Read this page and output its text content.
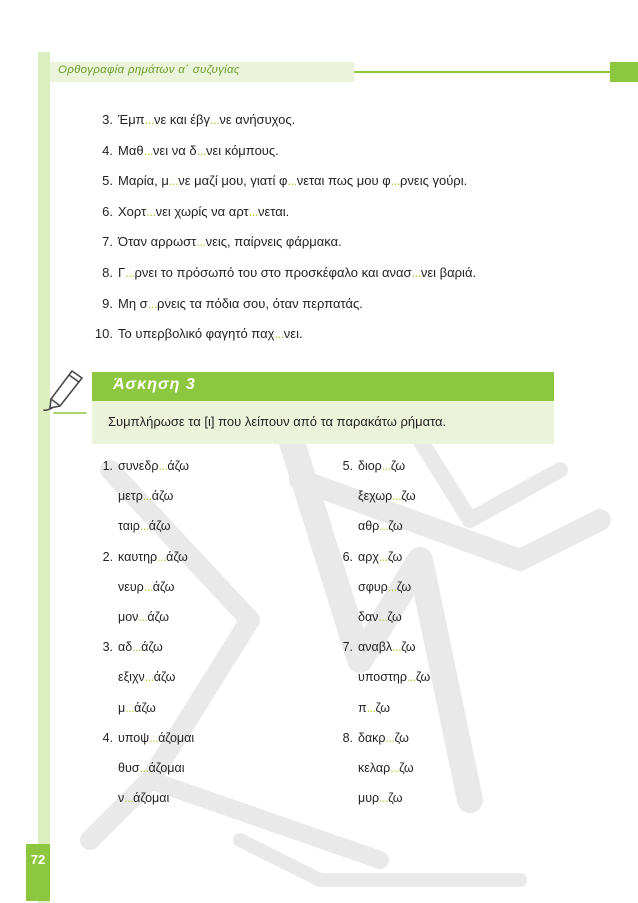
72
Ορθογραφία ρημάτων α΄ συζυγίας
3. Έμπ...νε και έβγ...νε ανήσυχος.
4. Μαθ...νει να δ...νει κόμπους.
5. Μαρία, μ...νε μαζί μου, γιατί φ...νεται πως μου φ...ρνεις γούρι.
6. Χορτ...νει χωρίς να αρτ...νεται.
7. Όταν αρρωστ...νεις, παίρνεις φάρμακα.
8. Γ...ρνει το πρόσωπό του στο προσκέφαλο και ανασ...νει βαριά.
9. Μη σ...ρνεις τα πόδια σου, όταν περπατάς.
10. Το υπερβολικό φαγητό παχ...νει.
Άσκηση 3
Συμπλήρωσε τα [ι] που λείπουν από τα παρακάτω ρήματα.
1. συνεδρ...άζω
μετρ...άζω
ταιρ...άζω
2. καυτηρ...άζω
νευρ...άζω
μον...άζω
3. αδ...άζω
εξιχν...άζω
μ...άζω
4. υποψ...άζομαι
θυσ...άζομαι
ν...άζομαι
5. διορ...ζω
ξεχωρ...ζω
αθρ...ζω
6. αρχ...ζω
σφυρ...ζω
δαν...ζω
7. αναβλ...ζω
υποστηρ...ζω
π...ζω
8. δακρ...ζω
κελαρ...ζω
μυρ...ζω
